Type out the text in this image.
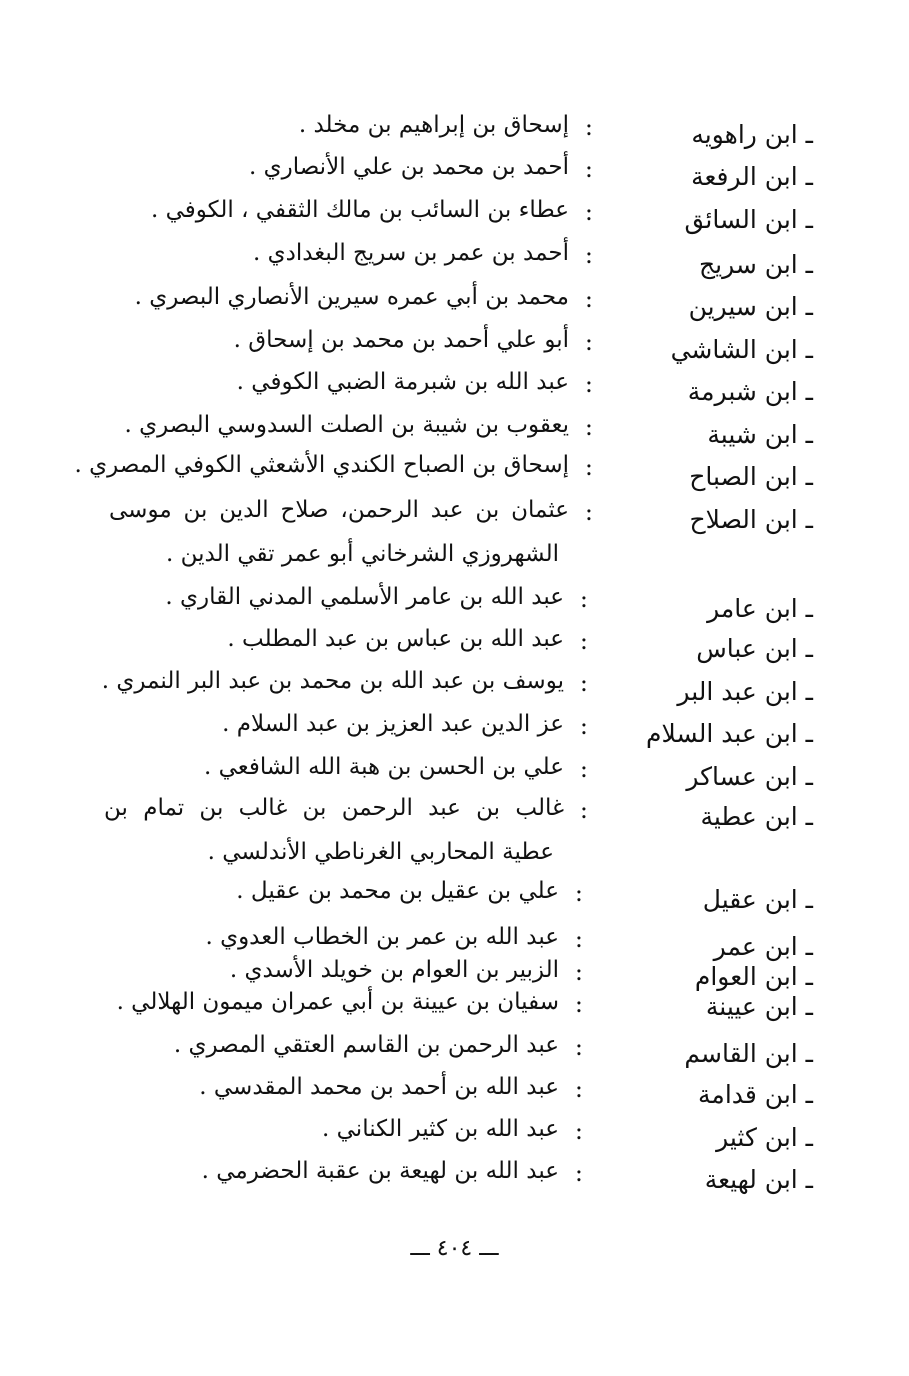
ـ ابن راهويه
:
إسحاق بن إبراهيم بن مخلد .
ـ ابن الرفعة
:
أحمد بن محمد بن علي الأنصاري .
ـ ابن السائق
:
عطاء بن السائب بن مالك الثقفي ، الكوفي .
ـ ابن سريج
:
أحمد بن عمر بن سريج البغدادي .
ـ ابن سيرين
:
محمد بن أبي عمره سيرين الأنصاري البصري .
ـ ابن الشاشي
:
أبو علي أحمد بن محمد بن إسحاق .
ـ ابن شبرمة
:
عبد الله بن شبرمة الضبي الكوفي .
ـ ابن شيبة
:
يعقوب بن شيبة بن الصلت السدوسي البصري .
ـ ابن الصباح
:
إسحاق بن الصباح الكندي الأشعثي الكوفي المصري .
ـ ابن الصلاح
:
عثمان بن عبد الرحمن، صلاح الدين بن موسى
الشهروزي الشرخاني أبو عمر تقي الدين .
ـ ابن عامر
:
عبد الله بن عامر الأسلمي المدني القاري .
ـ ابن عباس
:
عبد الله بن عباس بن عبد المطلب .
ـ ابن عبد البر
:
يوسف بن عبد الله بن محمد بن عبد البر النمري .
ـ ابن عبد السلام
:
عز الدين عبد العزيز بن عبد السلام .
ـ ابن عساكر
:
علي بن الحسن بن هبة الله الشافعي .
ـ ابن عطية
:
غالب بن عبد الرحمن بن غالب بن تمام بن
عطية المحاربي الغرناطي الأندلسي .
ـ ابن عقيل
:
علي بن عقيل بن محمد بن عقيل .
ـ ابن عمر
:
عبد الله بن عمر بن الخطاب العدوي .
ـ ابن العوام
:
الزبير بن العوام بن خويلد الأسدي .
ـ ابن عيينة
:
سفيان بن عيينة بن أبي عمران ميمون الهلالي .
ـ ابن القاسم
:
عبد الرحمن بن القاسم العتقي المصري .
ـ ابن قدامة
:
عبد الله بن أحمد بن محمد المقدسي .
ـ ابن كثير
:
عبد الله بن كثير الكناني .
ـ ابن لهيعة
:
عبد الله بن لهيعة بن عقبة الحضرمي .
ـــ ٤٠٤ ـــ
